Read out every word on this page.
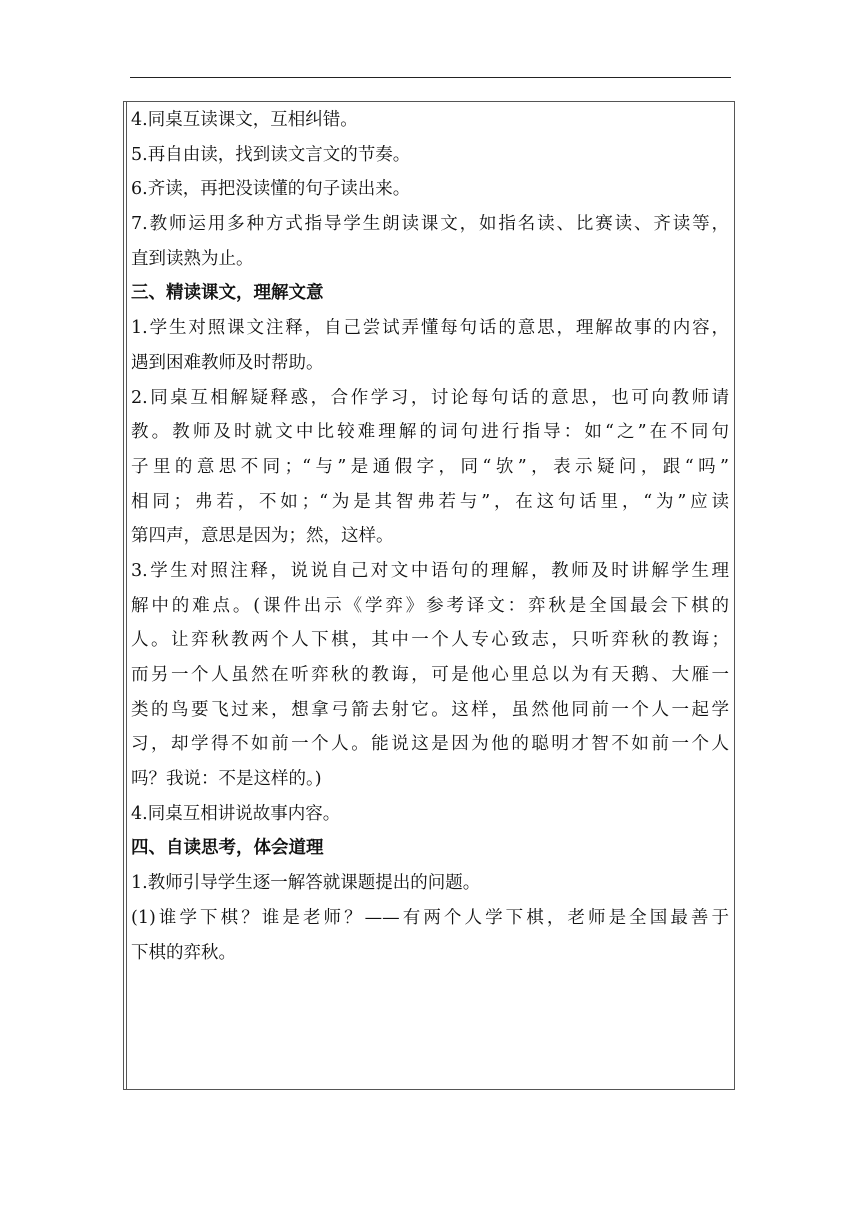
4.同桌互读课文，互相纠错。
5.再自由读，找到读文言文的节奏。
6.齐读，再把没读懂的句子读出来。
7.教师运用多种方式指导学生朗读课文，如指名读、比赛读、齐读等，
直到读熟为止。
三、精读课文，理解文意
1.学生对照课文注释，自己尝试弄懂每句话的意思，理解故事的内容，
遇到困难教师及时帮助。
2.同桌互相解疑释惑，合作学习，讨论每句话的意思，也可向教师请
教。教师及时就文中比较难理解的词句进行指导：如“之”在不同句
子里的意思不同；“与”是通假字，同“欤”，表示疑问，跟“吗”
相同；弗若，不如；“为是其智弗若与”，在这句话里，“为”应读
第四声，意思是因为；然，这样。
3.学生对照注释，说说自己对文中语句的理解，教师及时讲解学生理
解中的难点。(课件出示《学弈》参考译文：弈秋是全国最会下棋的
人。让弈秋教两个人下棋，其中一个人专心致志，只听弈秋的教诲；
而另一个人虽然在听弈秋的教诲，可是他心里总以为有天鹅、大雁一
类的鸟要飞过来，想拿弓箭去射它。这样，虽然他同前一个人一起学
习，却学得不如前一个人。能说这是因为他的聪明才智不如前一个人
吗？我说：不是这样的。)
4.同桌互相讲说故事内容。
四、自读思考，体会道理
1.教师引导学生逐一解答就课题提出的问题。
(1)谁学下棋？谁是老师？——有两个人学下棋，老师是全国最善于
下棋的弈秋。
